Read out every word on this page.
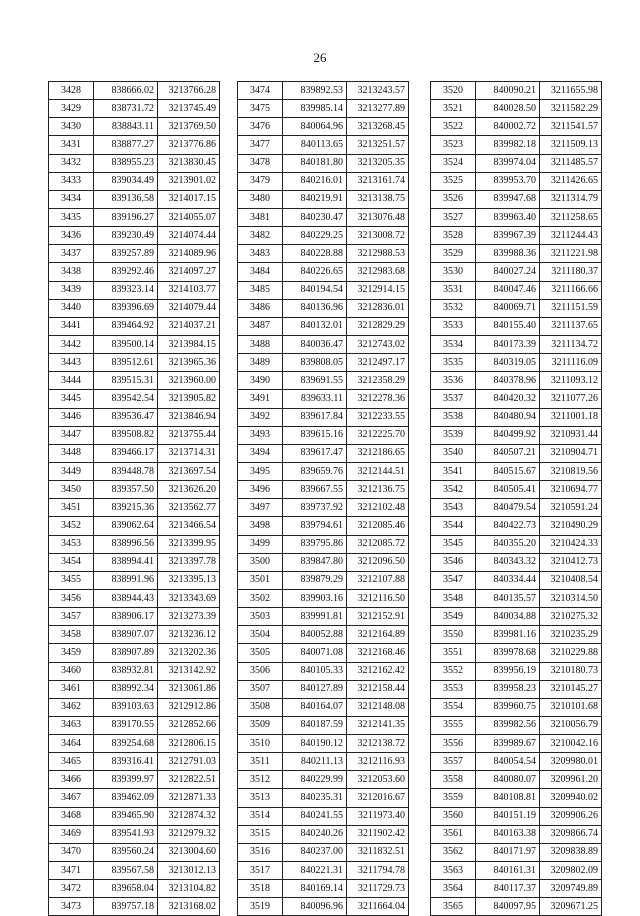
26
3428	838666.02	3213766.28
3429	838731.72	3213745.49
3430	838843.11	3213769.50
3431	838877.27	3213776.86
3432	838955.23	3213830.45
3433	839034.49	3213901.02
3434	839136.58	3214017.15
3435	839196.27	3214055.07
3436	839230.49	3214074.44
3437	839257.89	3214089.96
3438	839292.46	3214097.27
3439	839323.14	3214103.77
3440	839396.69	3214079.44
3441	839464.92	3214037.21
3442	839500.14	3213984.15
3443	839512.61	3213965.36
3444	839515.31	3213960.00
3445	839542.54	3213905.82
3446	839536.47	3213846.94
3447	839508.82	3213755.44
3448	839466.17	3213714.31
3449	839448.78	3213697.54
3450	839357.50	3213626.20
3451	839215.36	3213562.77
3452	839062.64	3213466.54
3453	838996.56	3213399.95
3454	838994.41	3213397.78
3455	838991.96	3213395.13
3456	838944.43	3213343.69
3457	838906.17	3213273.39
3458	838907.07	3213236.12
3459	838907.89	3213202.36
3460	838932.81	3213142.92
3461	838992.34	3213061.86
3462	839103.63	3212912.86
3463	839170.55	3212852.66
3464	839254.68	3212806.15
3465	839316.41	3212791.03
3466	839399.97	3212822.51
3467	839462.09	3212871.33
3468	839465.90	3212874.32
3469	839541.93	3212979.32
3470	839560.24	3213004.60
3471	839567.58	3213012.13
3472	839658.04	3213104.82
3473	839757.18	3213168.02
3474	839892.53	3213243.57
3475	839985.14	3213277.89
3476	840064.96	3213268.45
3477	840113.65	3213251.57
3478	840181.80	3213205.35
3479	840216.01	3213161.74
3480	840219.91	3213138.75
3481	840230.47	3213076.48
3482	840229.25	3213008.72
3483	840228.88	3212988.53
3484	840226.65	3212983.68
3485	840194.54	3212914.15
3486	840136.96	3212836.01
3487	840132.01	3212829.29
3488	840036.47	3212743.02
3489	839808.05	3212497.17
3490	839691.55	3212358.29
3491	839633.11	3212278.36
3492	839617.84	3212233.55
3493	839615.16	3212225.70
3494	839617.47	3212186.65
3495	839659.76	3212144.51
3496	839667.55	3212136.75
3497	839737.92	3212102.48
3498	839794.61	3212085.46
3499	839795.86	3212085.72
3500	839847.80	3212096.50
3501	839879.29	3212107.88
3502	839903.16	3212116.50
3503	839991.81	3212152.91
3504	840052.88	3212164.89
3505	840071.08	3212168.46
3506	840105.33	3212162.42
3507	840127.89	3212158.44
3508	840164.07	3212148.08
3509	840187.59	3212141.35
3510	840190.12	3212138.72
3511	840211.13	3212116.93
3512	840229.99	3212053.60
3513	840235.31	3212016.67
3514	840241.55	3211973.40
3515	840240.26	3211902.42
3516	840237.00	3211832.51
3517	840221.31	3211794.78
3518	840169.14	3211729.73
3519	840096.96	3211664.04
3520	840090.21	3211655.98
3521	840028.50	3211582.29
3522	840002.72	3211541.57
3523	839982.18	3211509.13
3524	839974.04	3211485.57
3525	839953.70	3211426.65
3526	839947.68	3211314.79
3527	839963.40	3211258.65
3528	839967.39	3211244.43
3529	839988.36	3211221.98
3530	840027.24	3211180.37
3531	840047.46	3211166.66
3532	840069.71	3211151.59
3533	840155.40	3211137.65
3534	840173.39	3211134.72
3535	840319.05	3211116.09
3536	840378.96	3211093.12
3537	840420.32	3211077.26
3538	840480.94	3211001.18
3539	840499.92	3210931.44
3540	840507.21	3210904.71
3541	840515.67	3210819.56
3542	840505.41	3210694.77
3543	840479.54	3210591.24
3544	840422.73	3210490.29
3545	840355.20	3210424.33
3546	840343.32	3210412.73
3547	840334.44	3210408.54
3548	840135.57	3210314.50
3549	840034.88	3210275.32
3550	839981.16	3210235.29
3551	839978.68	3210229.88
3552	839956.19	3210180.73
3553	839958.23	3210145.27
3554	839960.75	3210101.68
3555	839982.56	3210056.79
3556	839989.67	3210042.16
3557	840054.54	3209980.01
3558	840080.07	3209961.20
3559	840108.81	3209940.02
3560	840151.19	3209906.26
3561	840163.38	3209866.74
3562	840171.97	3209838.89
3563	840161.31	3209802.09
3564	840117.37	3209749.89
3565	840097.95	3209671.25
